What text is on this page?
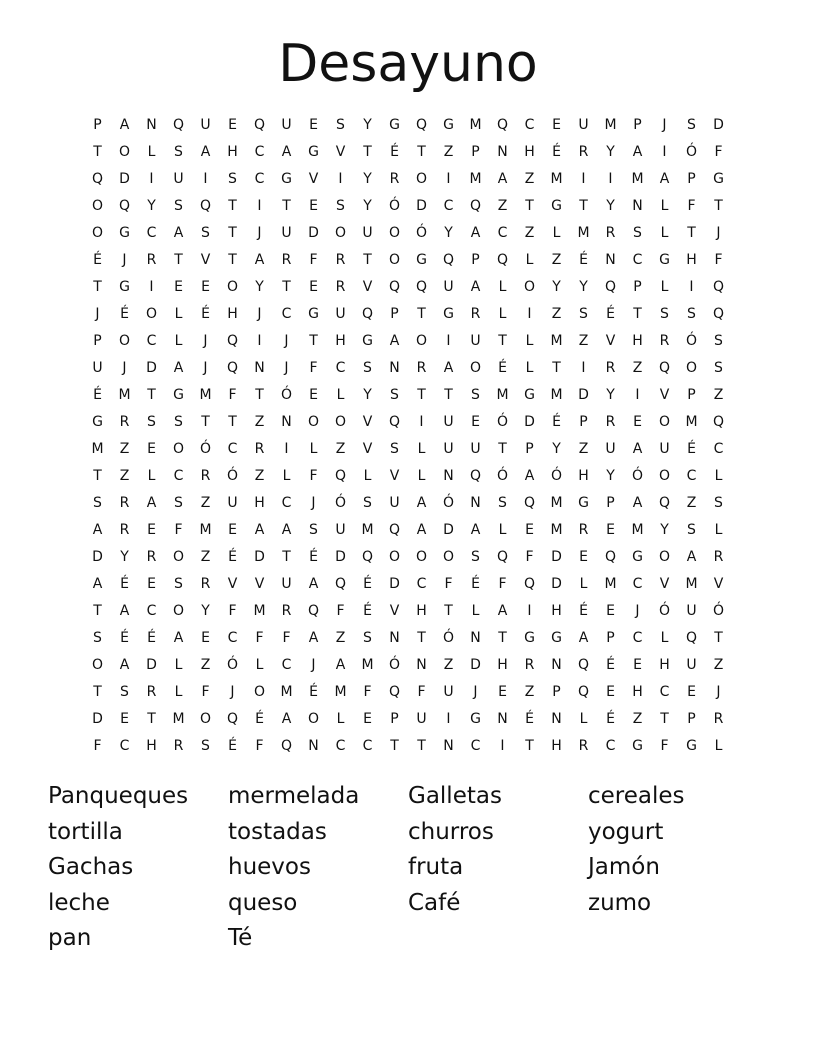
Desayuno
P	A	N	Q	U	E	Q	U	E	S	Y	G	Q	G	M	Q	C	E	U	M	P	J	S	D
T	O	L	S	A	H	C	A	G	V	T	É	T	Z	P	N	H	É	R	Y	A	I	Ó	F
Q	D	I	U	I	S	C	G	V	I	Y	R	O	I	M	A	Z	M	I	I	M	A	P	G
O	Q	Y	S	Q	T	I	T	E	S	Y	Ó	D	C	Q	Z	T	G	T	Y	N	L	F	T
O	G	C	A	S	T	J	U	D	O	U	O	Ó	Y	A	C	Z	L	M	R	S	L	T	J
É	J	R	T	V	T	A	R	F	R	T	O	G	Q	P	Q	L	Z	É	N	C	G	H	F
T	G	I	E	E	O	Y	T	E	R	V	Q	Q	U	A	L	O	Y	Y	Q	P	L	I	Q
J	É	O	L	É	H	J	C	G	U	Q	P	T	G	R	L	I	Z	S	É	T	S	S	Q
P	O	C	L	J	Q	I	J	T	H	G	A	O	I	U	T	L	M	Z	V	H	R	Ó	S
U	J	D	A	J	Q	N	J	F	C	S	N	R	A	O	É	L	T	I	R	Z	Q	O	S
É	M	T	G	M	F	T	Ó	E	L	Y	S	T	T	S	M	G	M	D	Y	I	V	P	Z
G	R	S	S	T	T	Z	N	O	O	V	Q	I	U	E	Ó	D	É	P	R	E	O	M	Q
M	Z	E	O	Ó	C	R	I	L	Z	V	S	L	U	U	T	P	Y	Z	U	A	U	É	C
T	Z	L	C	R	Ó	Z	L	F	Q	L	V	L	N	Q	Ó	A	Ó	H	Y	Ó	O	C	L
S	R	A	S	Z	U	H	C	J	Ó	S	U	A	Ó	N	S	Q	M	G	P	A	Q	Z	S
A	R	E	F	M	E	A	A	S	U	M	Q	A	D	A	L	E	M	R	E	M	Y	S	L
D	Y	R	O	Z	É	D	T	É	D	Q	O	O	O	S	Q	F	D	E	Q	G	O	A	R
A	É	E	S	R	V	V	U	A	Q	É	D	C	F	É	F	Q	D	L	M	C	V	M	V
T	A	C	O	Y	F	M	R	Q	F	É	V	H	T	L	A	I	H	É	E	J	Ó	U	Ó
S	É	É	A	E	C	F	F	A	Z	S	N	T	Ó	N	T	G	G	A	P	C	L	Q	T
O	A	D	L	Z	Ó	L	C	J	A	M	Ó	N	Z	D	H	R	N	Q	É	E	H	U	Z
T	S	R	L	F	J	O	M	É	M	F	Q	F	U	J	E	Z	P	Q	E	H	C	E	J
D	E	T	M	O	Q	É	A	O	L	E	P	U	I	G	N	É	N	L	É	Z	T	P	R
F	C	H	R	S	É	F	Q	N	C	C	T	T	N	C	I	T	H	R	C	G	F	G	L
Panqueques	mermelada	Galletas	cereales
tortilla	tostadas	churros	yogurt
Gachas	huevos	fruta	Jamón
leche	queso	Café	zumo
pan	Té
